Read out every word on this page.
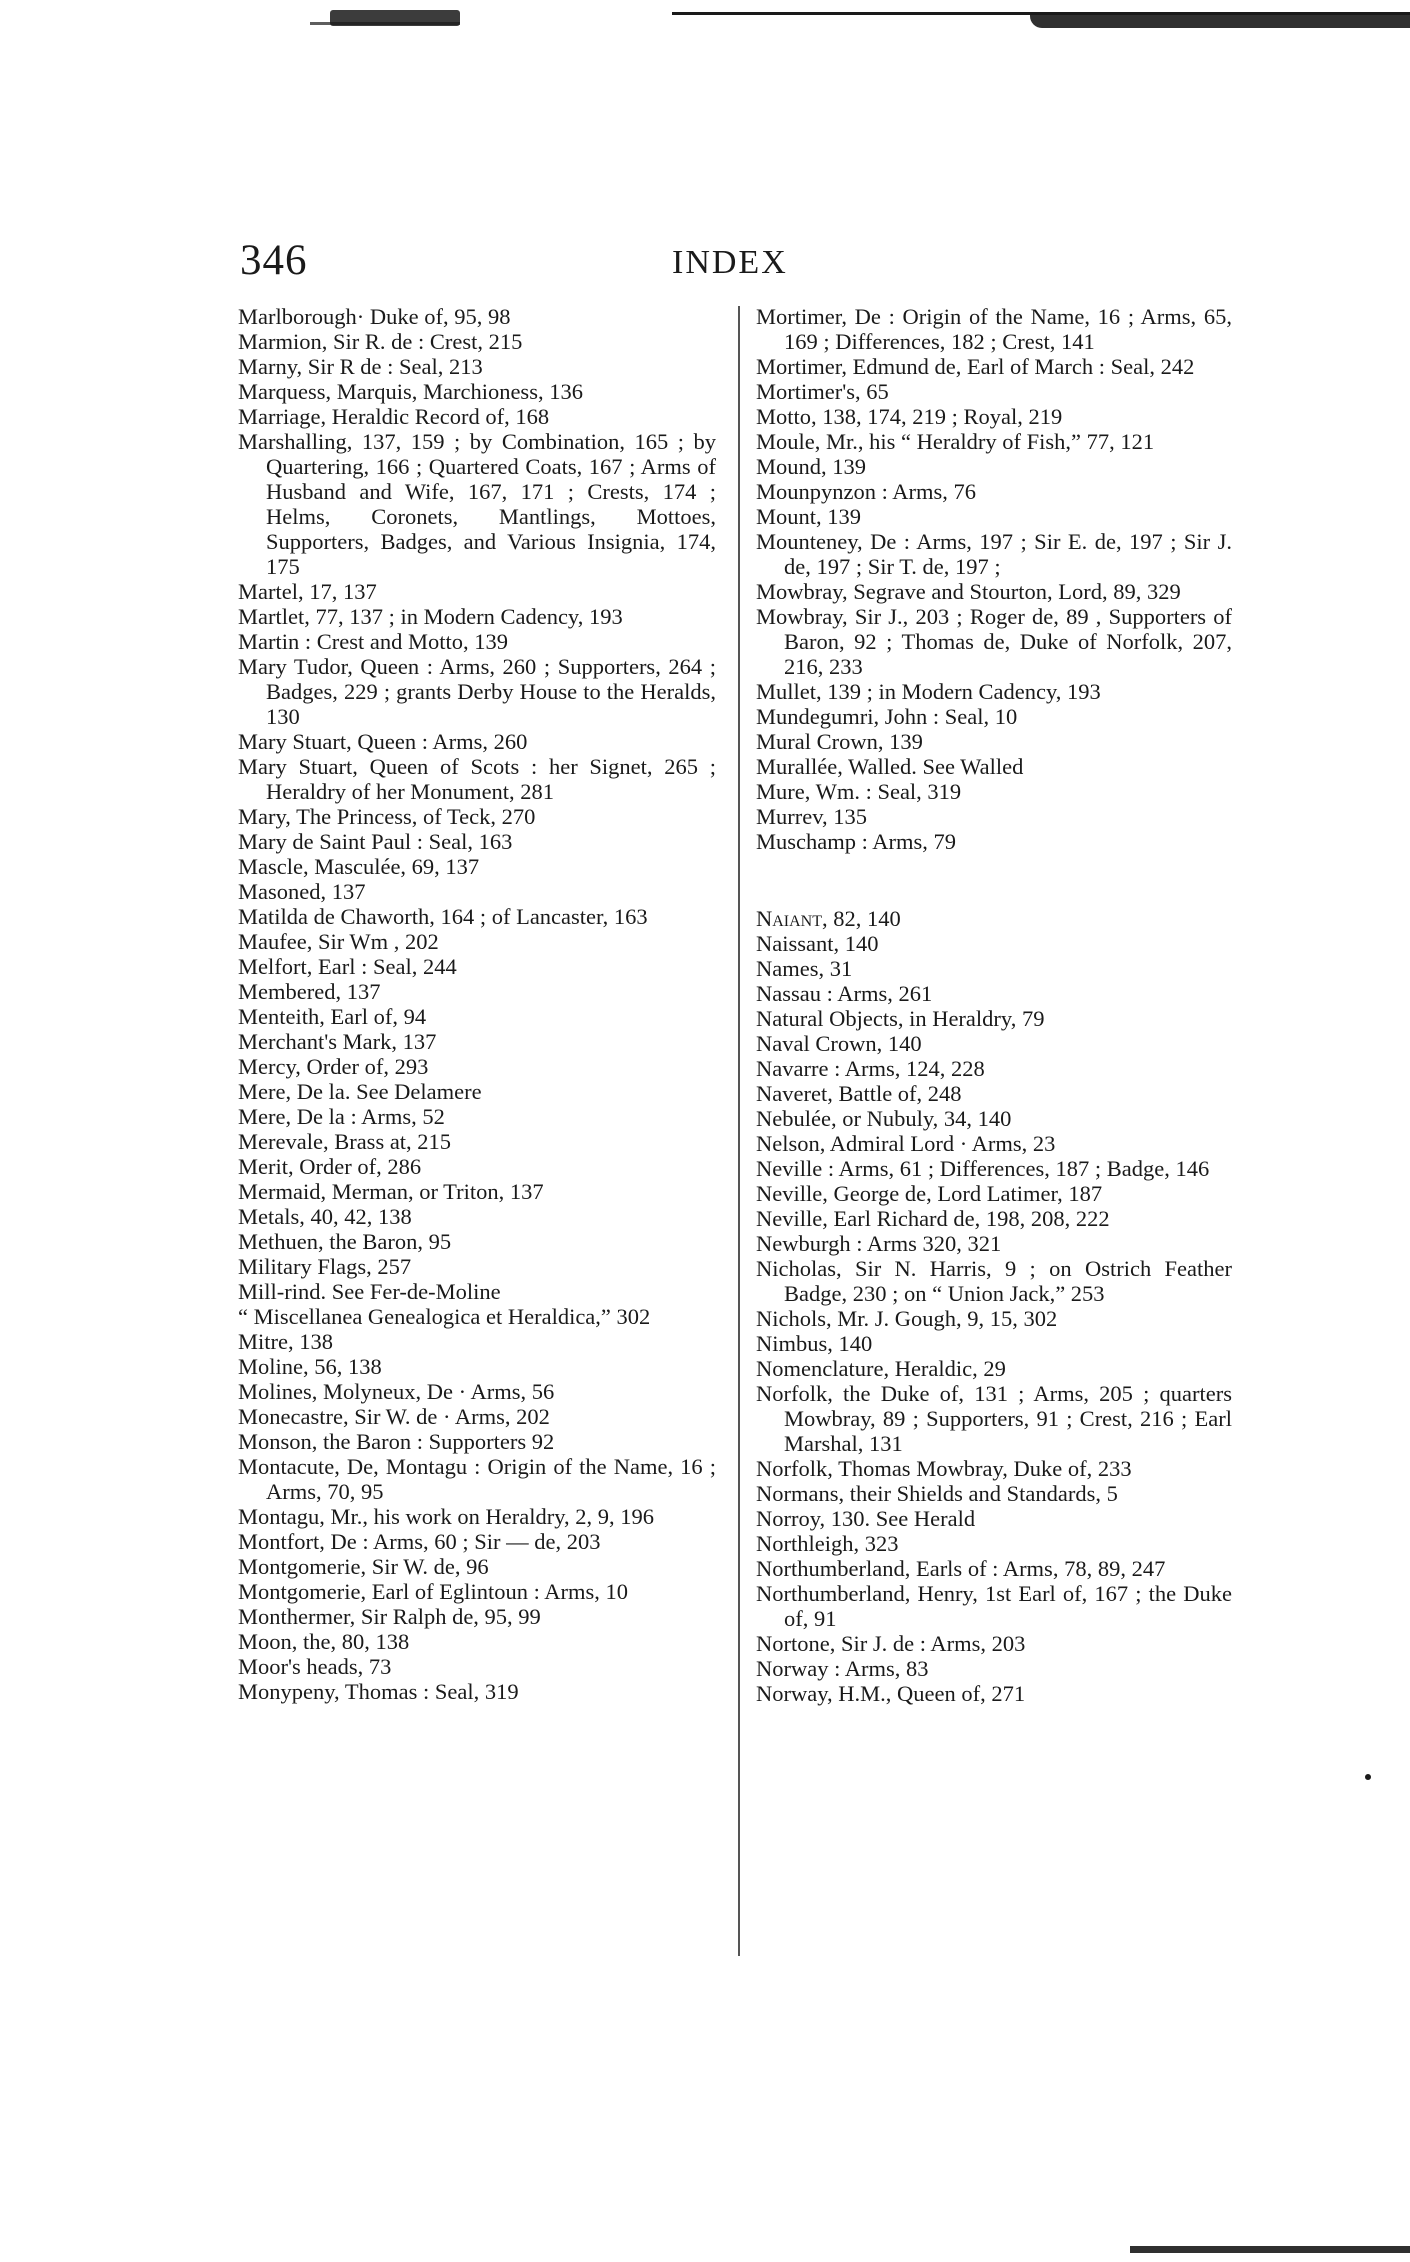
346	INDEX
Marlborough· Duke of, 95, 98
Marmion, Sir R. de : Crest, 215
Marny, Sir R de : Seal, 213
Marquess, Marquis, Marchioness, 136
Marriage, Heraldic Record of, 168
Marshalling, 137, 159 ; by Combination, 165 ; by Quartering, 166 ; Quartered Coats, 167 ; Arms of Husband and Wife, 167, 171 ; Crests, 174 ; Helms, Coronets, Mantlings, Mottoes, Supporters, Badges, and Various Insignia, 174, 175
Martel, 17, 137
Martlet, 77, 137 ; in Modern Cadency, 193
Martin : Crest and Motto, 139
Mary Tudor, Queen : Arms, 260 ; Supporters, 264 ; Badges, 229 ; grants Derby House to the Heralds, 130
Mary Stuart, Queen : Arms, 260
Mary Stuart, Queen of Scots : her Signet, 265 ; Heraldry of her Monument, 281
Mary, The Princess, of Teck, 270
Mary de Saint Paul : Seal, 163
Mascle, Masculée, 69, 137
Masoned, 137
Matilda de Chaworth, 164 ; of Lancaster, 163
Maufee, Sir Wm , 202
Melfort, Earl : Seal, 244
Membered, 137
Menteith, Earl of, 94
Merchant's Mark, 137
Mercy, Order of, 293
Mere, De la. See Delamere
Mere, De la : Arms, 52
Merevale, Brass at, 215
Merit, Order of, 286
Mermaid, Merman, or Triton, 137
Metals, 40, 42, 138
Methuen, the Baron, 95
Military Flags, 257
Mill-rind. See Fer-de-Moline
“ Miscellanea Genealogica et Heraldica,” 302
Mitre, 138
Moline, 56, 138
Molines, Molyneux, De · Arms, 56
Monecastre, Sir W. de · Arms, 202
Monson, the Baron : Supporters 92
Montacute, De, Montagu : Origin of the Name, 16 ; Arms, 70, 95
Montagu, Mr., his work on Heraldry, 2, 9, 196
Montfort, De : Arms, 60 ; Sir — de, 203
Montgomerie, Sir W. de, 96
Montgomerie, Earl of Eglintoun : Arms, 10
Monthermer, Sir Ralph de, 95, 99
Moon, the, 80, 138
Moor's heads, 73
Monypeny, Thomas : Seal, 319
Mortimer, De : Origin of the Name, 16 ; Arms, 65, 169 ; Differences, 182 ; Crest, 141
Mortimer, Edmund de, Earl of March : Seal, 242
Mortimer's, 65
Motto, 138, 174, 219 ; Royal, 219
Moule, Mr., his “ Heraldry of Fish,” 77, 121
Mound, 139
Mounpynzon : Arms, 76
Mount, 139
Mounteney, De : Arms, 197 ; Sir E. de, 197 ; Sir J. de, 197 ; Sir T. de, 197 ;
Mowbray, Segrave and Stourton, Lord, 89, 329
Mowbray, Sir J., 203 ; Roger de, 89 , Supporters of Baron, 92 ; Thomas de, Duke of Norfolk, 207, 216, 233
Mullet, 139 ; in Modern Cadency, 193
Mundegumri, John : Seal, 10
Mural Crown, 139
Murallée, Walled. See Walled
Mure, Wm. : Seal, 319
Murrev, 135
Muschamp : Arms, 79
Naiant, 82, 140
Naissant, 140
Names, 31
Nassau : Arms, 261
Natural Objects, in Heraldry, 79
Naval Crown, 140
Navarre : Arms, 124, 228
Naveret, Battle of, 248
Nebulée, or Nubuly, 34, 140
Nelson, Admiral Lord · Arms, 23
Neville : Arms, 61 ; Differences, 187 ; Badge, 146
Neville, George de, Lord Latimer, 187
Neville, Earl Richard de, 198, 208, 222
Newburgh : Arms 320, 321
Nicholas, Sir N. Harris, 9 ; on Ostrich Feather Badge, 230 ; on “ Union Jack,” 253
Nichols, Mr. J. Gough, 9, 15, 302
Nimbus, 140
Nomenclature, Heraldic, 29
Norfolk, the Duke of, 131 ; Arms, 205 ; quarters Mowbray, 89 ; Supporters, 91 ; Crest, 216 ; Earl Marshal, 131
Norfolk, Thomas Mowbray, Duke of, 233
Normans, their Shields and Standards, 5
Norroy, 130. See Herald
Northleigh, 323
Northumberland, Earls of : Arms, 78, 89, 247
Northumberland, Henry, 1st Earl of, 167 ; the Duke of, 91
Nortone, Sir J. de : Arms, 203
Norway : Arms, 83
Norway, H.M., Queen of, 271
